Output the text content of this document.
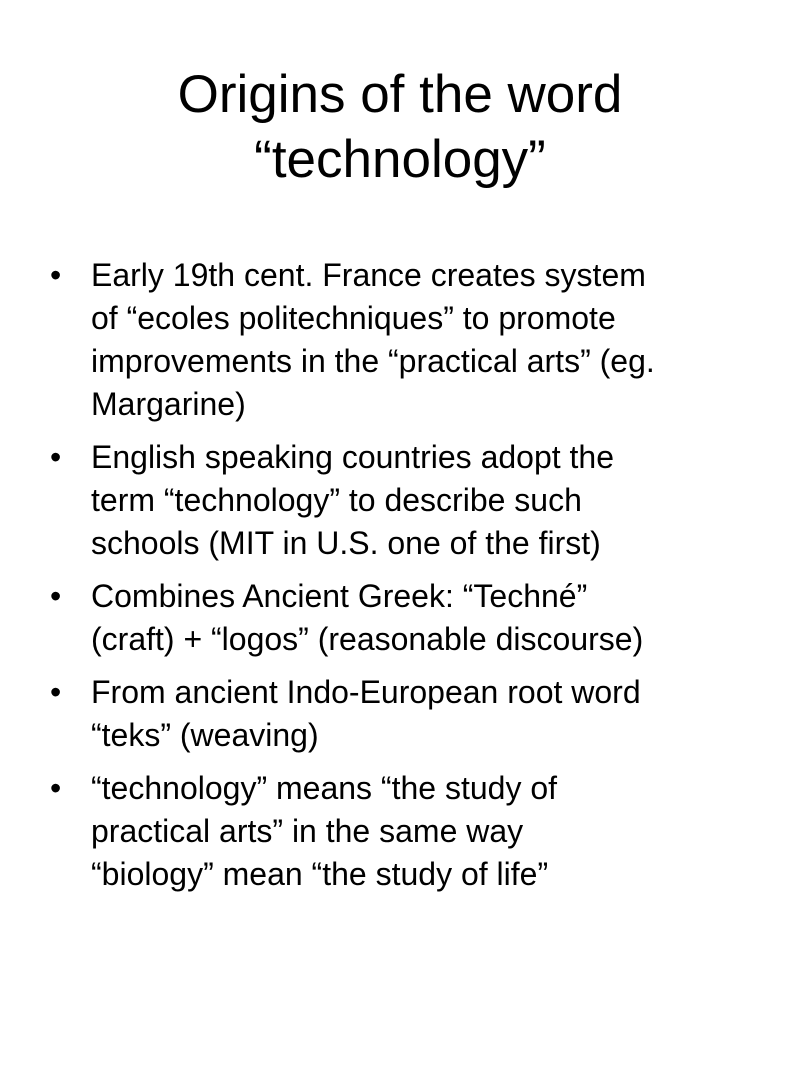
Origins of the word
“technology”
• Early 19th cent. France creates system
of “ecoles politechniques” to promote
improvements in the “practical arts” (eg.
Margarine)
• English speaking countries adopt the
term “technology” to describe such
schools (MIT in U.S. one of the first)
• Combines Ancient Greek: “Techné”
(craft) + “logos” (reasonable discourse)
• From ancient Indo-European root word
“teks” (weaving)
• “technology” means “the study of
practical arts” in the same way
“biology” mean “the study of life”
